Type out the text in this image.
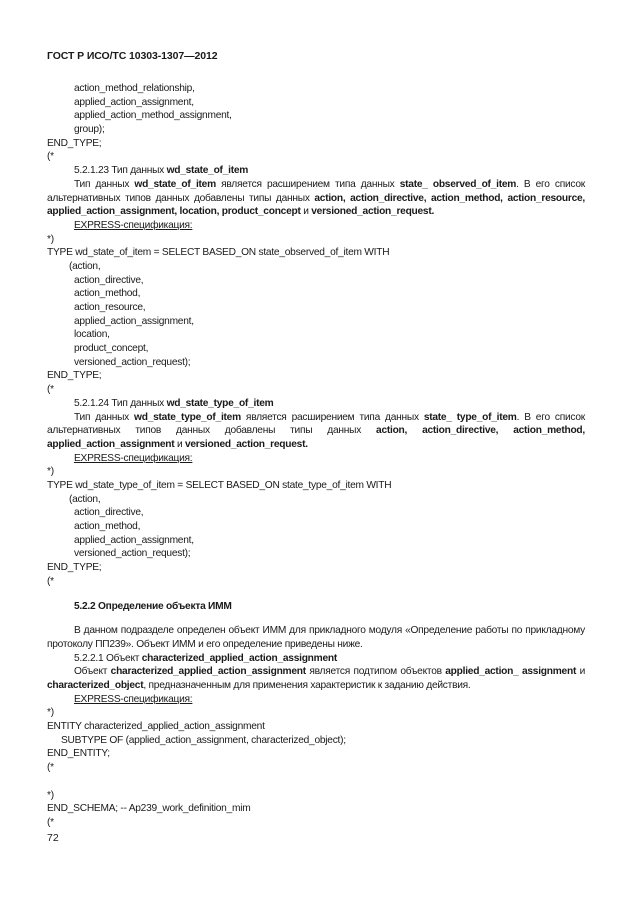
ГОСТ Р ИСО/ТС 10303-1307—2012
action_method_relationship,
applied_action_assignment,
applied_action_method_assignment,
group);
END_TYPE;
(*
5.2.1.23 Тип данных wd_state_of_item
Тип данных wd_state_of_item является расширением типа данных state_ observed_of_item. В его список альтернативных типов данных добавлены типы данных action, action_directive, action_method, action_resource, applied_action_assignment, location, product_concept и versioned_action_request.
EXPRESS-спецификация:
*)
TYPE wd_state_of_item = SELECT BASED_ON state_observed_of_item WITH
(action,
action_directive,
action_method,
action_resource,
applied_action_assignment,
location,
product_concept,
versioned_action_request);
END_TYPE;
(*
5.2.1.24 Тип данных wd_state_type_of_item
Тип данных wd_state_type_of_item является расширением типа данных state_ type_of_item. В его список альтернативных типов данных добавлены типы данных action, action_directive, action_method, applied_action_assignment и versioned_action_request.
EXPRESS-спецификация:
*)
TYPE wd_state_type_of_item = SELECT BASED_ON state_type_of_item WITH
(action,
action_directive,
action_method,
applied_action_assignment,
versioned_action_request);
END_TYPE;
(*
5.2.2 Определение объекта ИММ
В данном подразделе определен объект ИММ для прикладного модуля «Определение работы по прикладному протоколу ПП239». Объект ИММ и его определение приведены ниже.
5.2.2.1 Объект characterized_applied_action_assignment
Объект characterized_applied_action_assignment является подтипом объектов applied_action_ assignment и characterized_object, предназначенным для применения характеристик к заданию действия.
EXPRESS-спецификация:
*)
ENTITY characterized_applied_action_assignment
SUBTYPE OF (applied_action_assignment, characterized_object);
END_ENTITY;
(*
*)
END_SCHEMA; -- Ap239_work_definition_mim
(*
72
